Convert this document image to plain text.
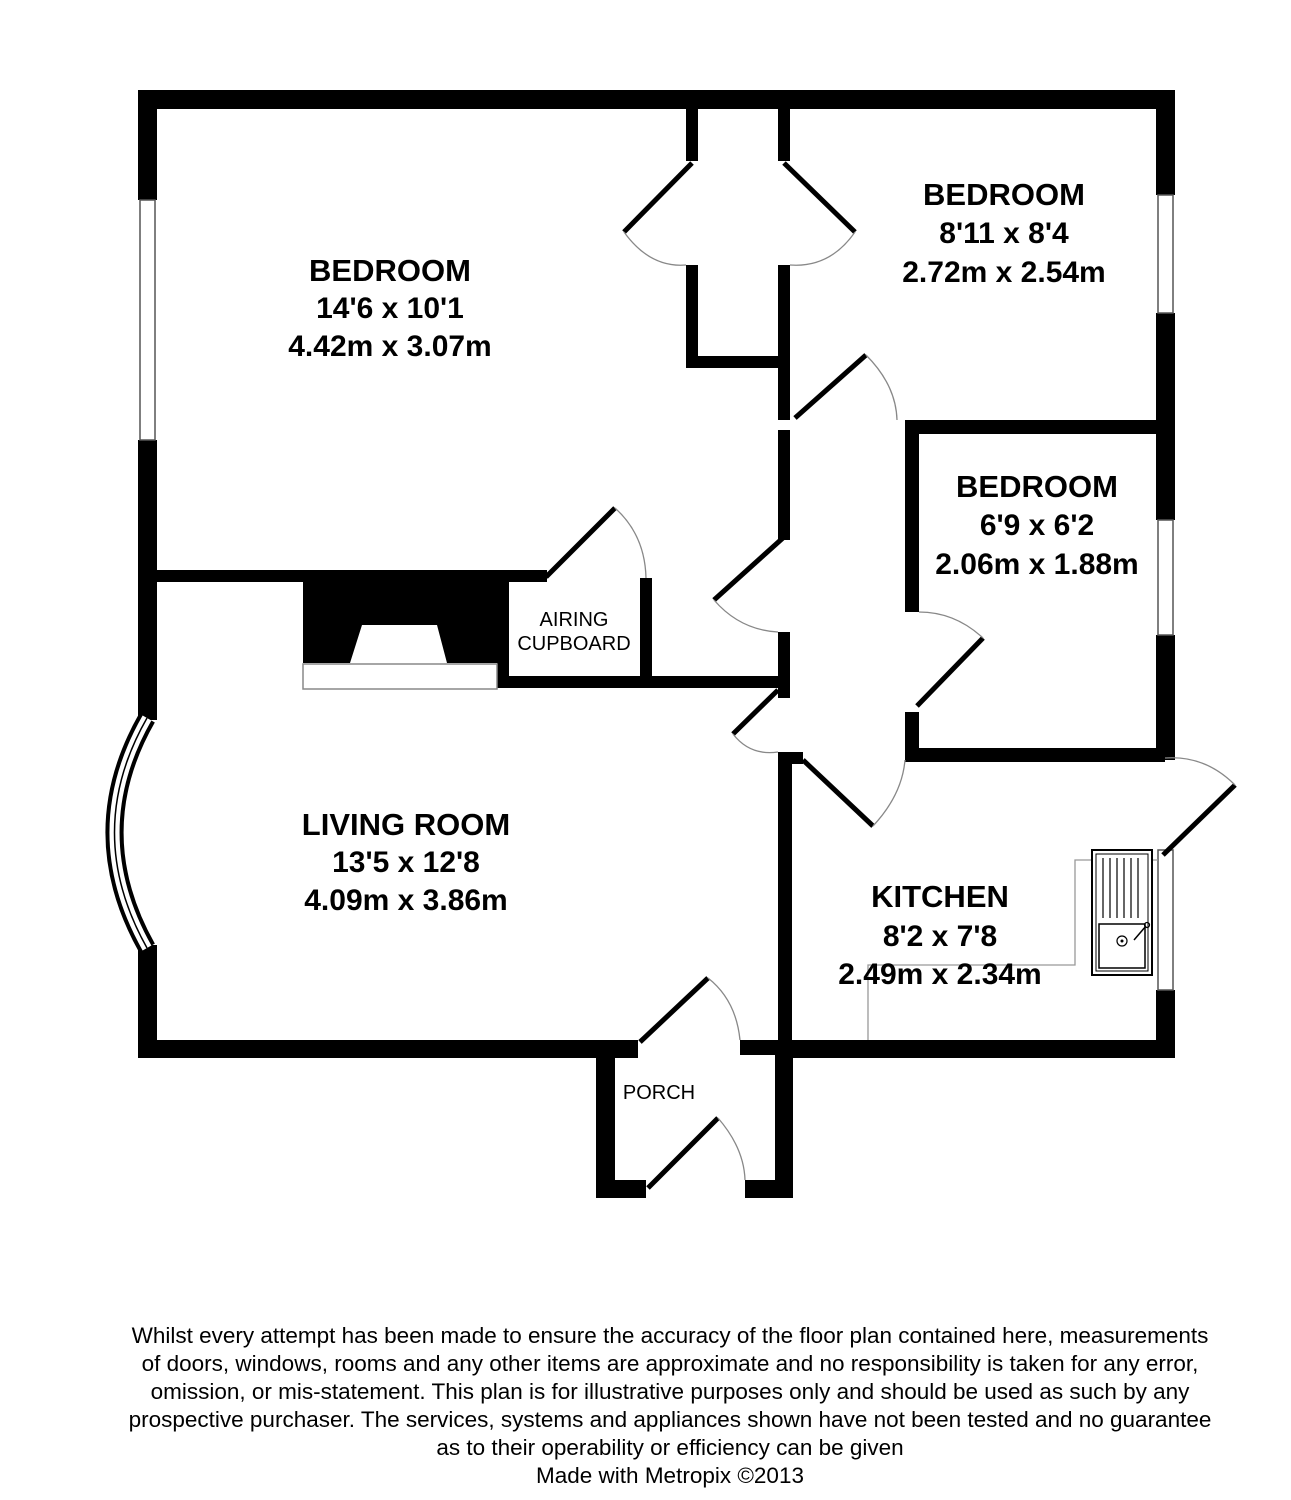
BEDROOM
14'6 x 10'1
4.42m x 3.07m
BEDROOM
8'11 x 8'4
2.72m x 2.54m
BEDROOM
6'9 x 6'2
2.06m x 1.88m
LIVING ROOM
13'5 x 12'8
4.09m x 3.86m	KITCHEN
8'2 x 7'8
2.49m x 2.34m
AIRING
CUPBOARD
PORCH
Whilst every attempt has been made to ensure the accuracy of the floor plan contained here, measurements
of doors, windows, rooms and any other items are approximate and no responsibility is taken for any error,
omission, or mis-statement. This plan is for illustrative purposes only and should be used as such by any
prospective purchaser. The services, systems and appliances shown have not been tested and no guarantee
as to their operability or efficiency can be given
Made with Metropix ©2013
